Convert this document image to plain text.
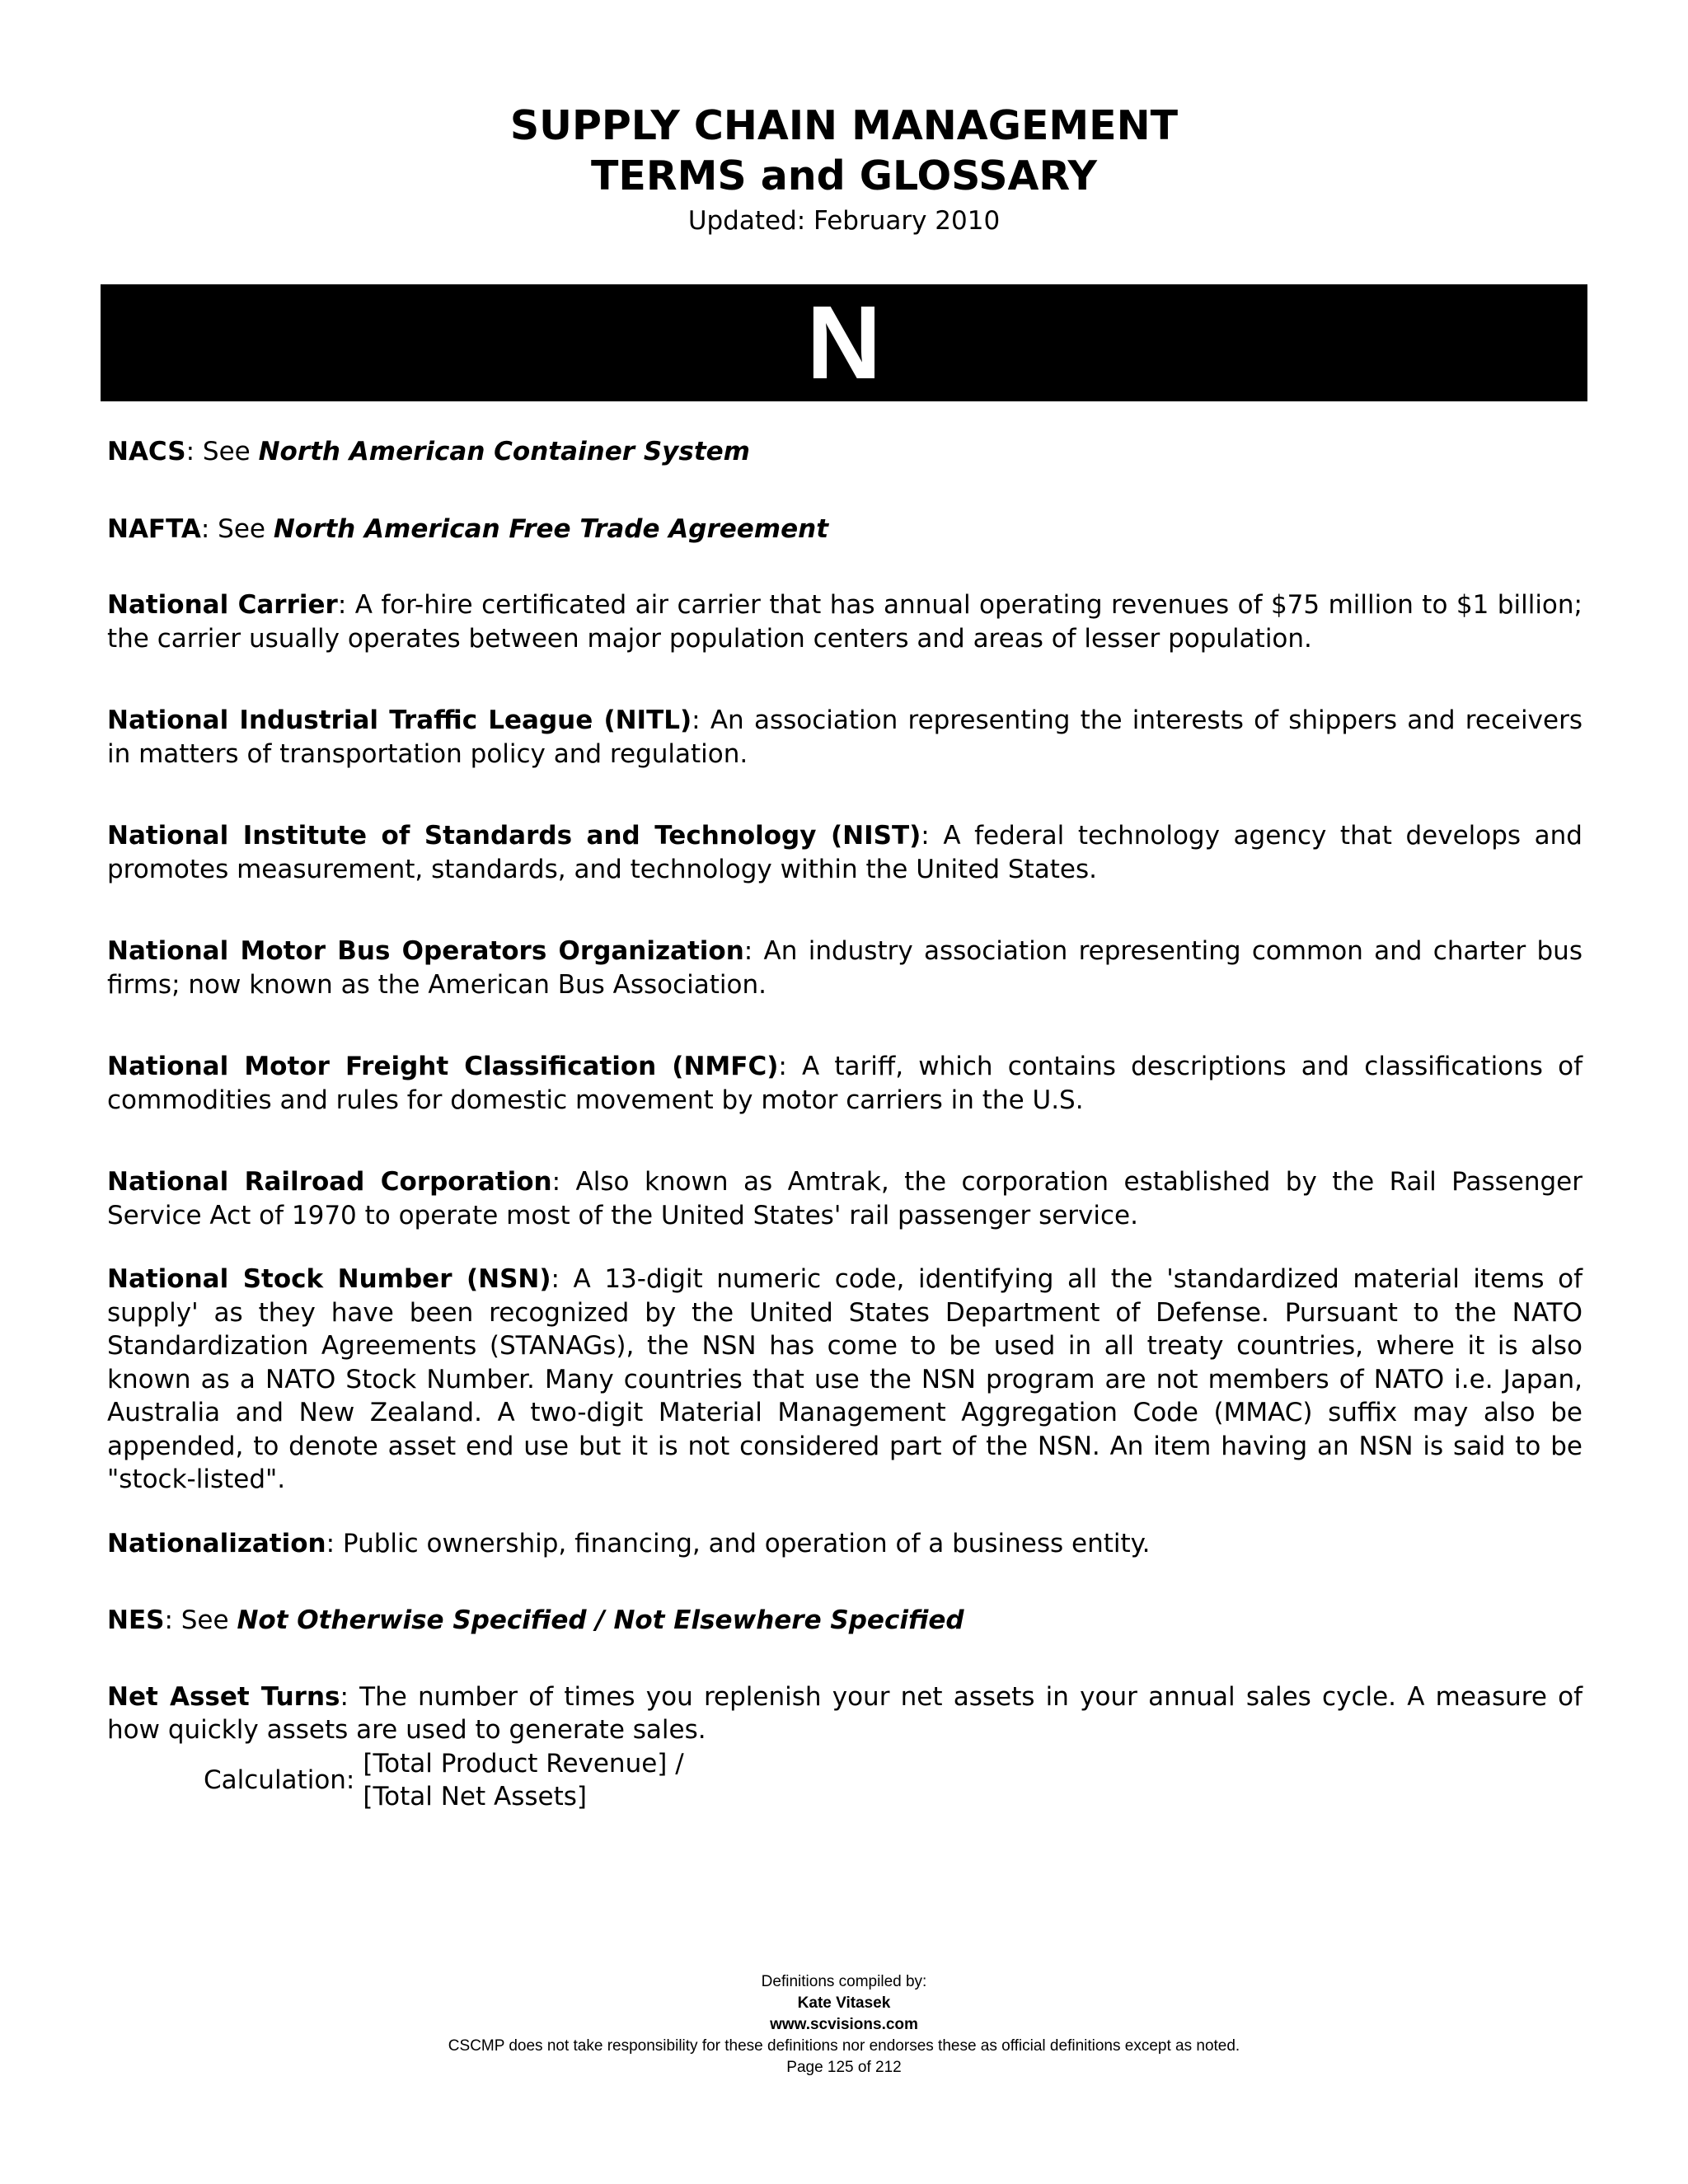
SUPPLY CHAIN MANAGEMENT
TERMS and GLOSSARY
Updated: February 2010
N

NACS: See North American Container System

NAFTA: See North American Free Trade Agreement

National Carrier: A for-hire certificated air carrier that has annual operating revenues of $75 million to $1 billion; the carrier usually operates between major population centers and areas of lesser population.

National Industrial Traffic League (NITL): An association representing the interests of shippers and receivers in matters of transportation policy and regulation.

National Institute of Standards and Technology (NIST): A federal technology agency that develops and promotes measurement, standards, and technology within the United States.

National Motor Bus Operators Organization: An industry association representing common and charter bus firms; now known as the American Bus Association.

National Motor Freight Classification (NMFC): A tariff, which contains descriptions and classifications of commodities and rules for domestic movement by motor carriers in the U.S.

National Railroad Corporation: Also known as Amtrak, the corporation established by the Rail Passenger Service Act of 1970 to operate most of the United States' rail passenger service.

National Stock Number (NSN): A 13-digit numeric code, identifying all the 'standardized material items of supply' as they have been recognized by the United States Department of Defense. Pursuant to the NATO Standardization Agreements (STANAGs), the NSN has come to be used in all treaty countries, where it is also known as a NATO Stock Number. Many countries that use the NSN program are not members of NATO i.e. Japan, Australia and New Zealand. A two-digit Material Management Aggregation Code (MMAC) suffix may also be appended, to denote asset end use but it is not considered part of the NSN. An item having an NSN is said to be "stock-listed".

Nationalization: Public ownership, financing, and operation of a business entity.

NES: See Not Otherwise Specified / Not Elsewhere Specified

Net Asset Turns: The number of times you replenish your net assets in your annual sales cycle. A measure of how quickly assets are used to generate sales.

Calculation:
[Total Product Revenue] /
[Total Net Assets]
Definitions compiled by:
Kate Vitasek
www.scvisions.com
CSCMP does not take responsibility for these definitions nor endorses these as official definitions except as noted.
Page 125 of 212
